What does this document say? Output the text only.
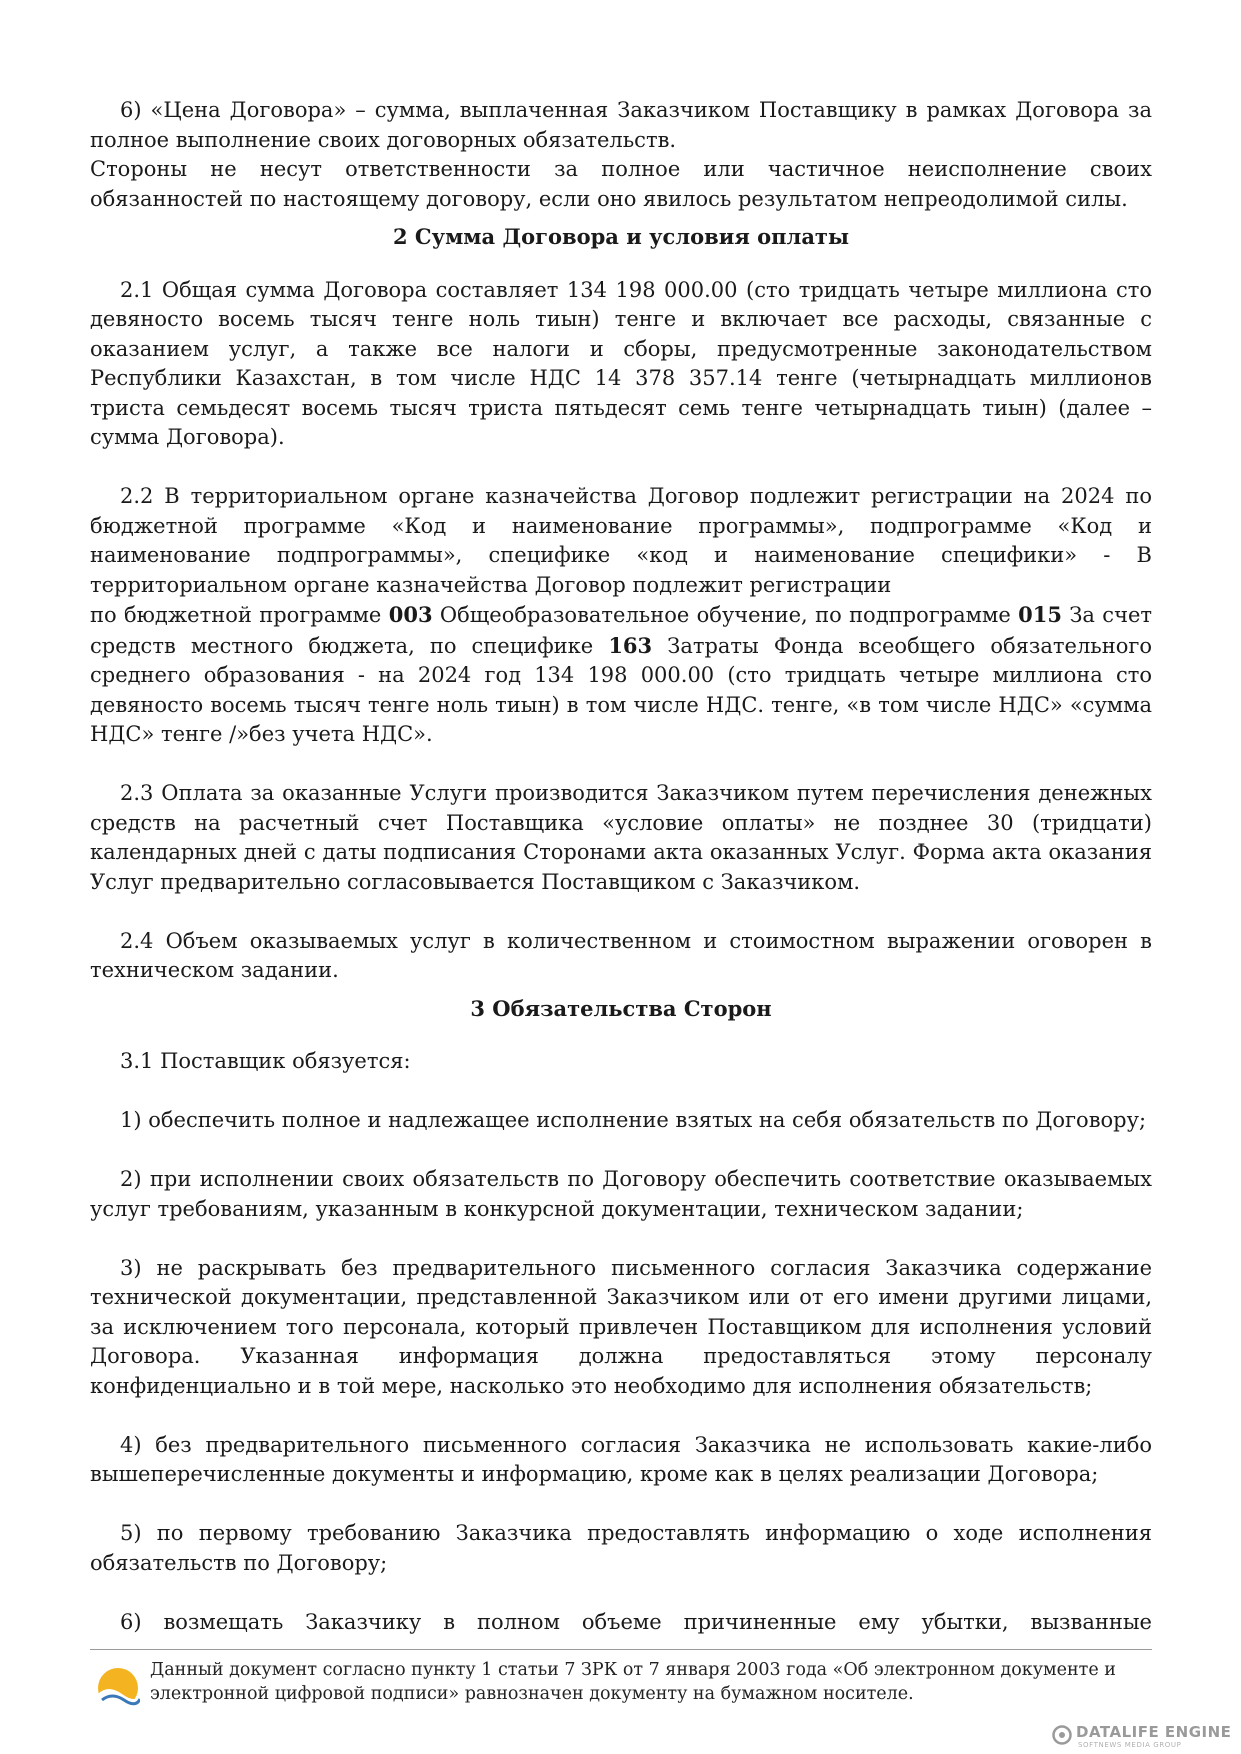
6) «Цена Договора» – сумма, выплаченная Заказчиком Поставщику в рамках Договора за полное выполнение своих договорных обязательств.

Стороны не несут ответственности за полное или частичное неисполнение своих обязанностей по настоящему договору, если оно явилось результатом непреодолимой силы.

2 Сумма Договора и условия оплаты

2.1 Общая сумма Договора составляет 134 198 000.00 (сто тридцать четыре миллиона сто девяносто восемь тысяч тенге ноль тиын) тенге и включает все расходы, связанные с оказанием услуг, а также все налоги и сборы, предусмотренные законодательством Республики Казахстан, в том числе НДС 14 378 357.14 тенге (четырнадцать миллионов триста семьдесят восемь тысяч триста пятьдесят семь тенге четырнадцать тиын) (далее – сумма Договора).

2.2 В территориальном органе казначейства Договор подлежит регистрации на 2024 по бюджетной программе «Код и наименование программы», подпрограмме «Код и наименование подпрограммы», специфике «код и наименование специфики» - В территориальном органе казначейства Договор подлежит регистрации

по бюджетной программе 003 Общеобразовательное обучение, по подпрограмме 015 За счет средств местного бюджета, по специфике 163 Затраты Фонда всеобщего обязательного среднего образования - на 2024 год 134 198 000.00 (сто тридцать четыре миллиона сто девяносто восемь тысяч тенге ноль тиын) в том числе НДС. тенге, «в том числе НДС» «сумма НДС» тенге /»без учета НДС».

2.3 Оплата за оказанные Услуги производится Заказчиком путем перечисления денежных средств на расчетный счет Поставщика «условие оплаты» не позднее 30 (тридцати) календарных дней с даты подписания Сторонами акта оказанных Услуг. Форма акта оказания Услуг предварительно согласовывается Поставщиком с Заказчиком.

2.4 Объем оказываемых услуг в количественном и стоимостном выражении оговорен в техническом задании.

3 Обязательства Сторон

3.1 Поставщик обязуется:

1) обеспечить полное и надлежащее исполнение взятых на себя обязательств по Договору;

2) при исполнении своих обязательств по Договору обеспечить соответствие оказываемых услуг требованиям, указанным в конкурсной документации, техническом задании;

3) не раскрывать без предварительного письменного согласия Заказчика содержание технической документации, представленной Заказчиком или от его имени другими лицами, за исключением того персонала, который привлечен Поставщиком для исполнения условий Договора. Указанная информация должна предоставляться этому персоналу конфиденциально и в той мере, насколько это необходимо для исполнения обязательств;

4) без предварительного письменного согласия Заказчика не использовать какие-либо вышеперечисленные документы и информацию, кроме как в целях реализации Договора;

5) по первому требованию Заказчика предоставлять информацию о ходе исполнения обязательств по Договору;

6) возмещать Заказчику в полном объеме причиненные ему убытки, вызванные

Данный документ согласно пункту 1 статьи 7 ЗРК от 7 января 2003 года «Об электронном документе и электронной цифровой подписи» равнозначен документу на бумажном носителе.
DATALIFE ENGINE
SOFTNEWS MEDIA GROUP
